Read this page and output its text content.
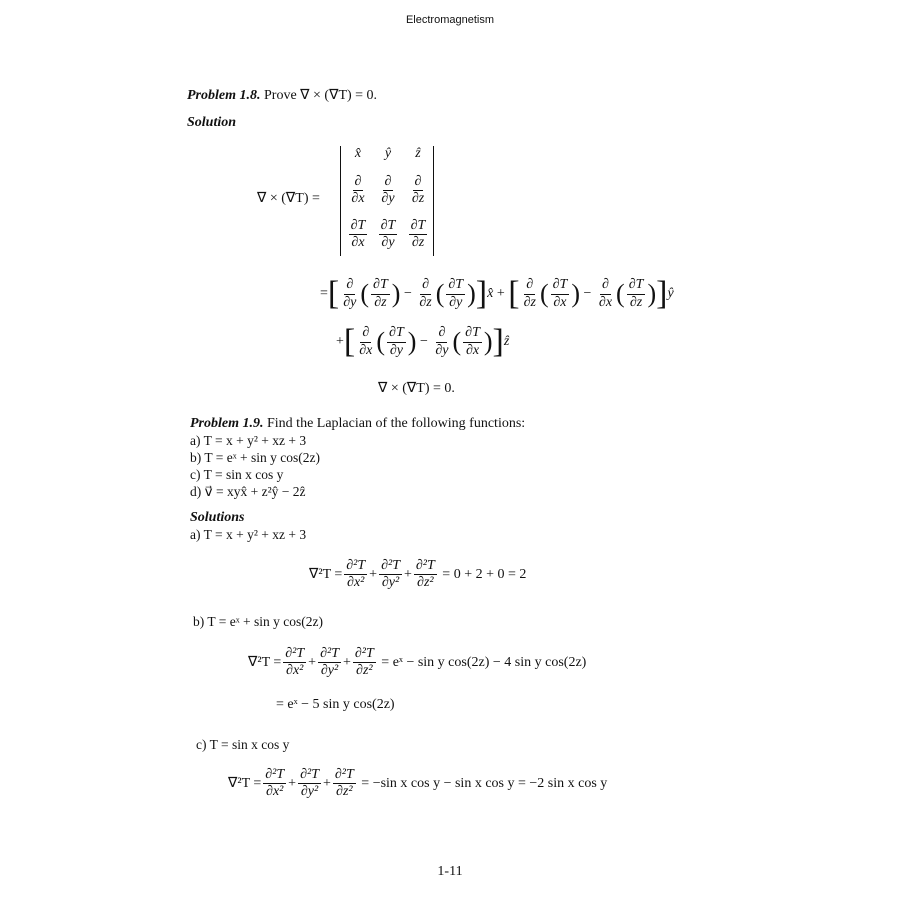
Electromagnetism
Problem 1.8. Prove ∇ × (∇T) = 0.
Solution
∇ × (∇T) =
x̂	ŷ	ẑ
$\frac{\partial}{\partial x} \frac{\partial}{\partial y} \frac{\partial}{\partial z}$
$\frac{\partial T}{\partial x} \frac{\partial T}{\partial y} \frac{\partial T}{\partial z}$
= [ $\frac{\partial}{\partial y}$ ( $\frac{\partial T}{\partial z}$ ) − $\frac{\partial}{\partial z}$ ( $\frac{\partial T}{\partial y}$ ) ] x̂ + [ $\frac{\partial}{\partial z}$ ( $\frac{\partial T}{\partial x}$ ) − $\frac{\partial}{\partial x}$ ( $\frac{\partial T}{\partial z}$ ) ] ŷ
+ [ $\frac{\partial}{\partial x}$ ( $\frac{\partial T}{\partial y}$ ) − $\frac{\partial}{\partial y}$ ( $\frac{\partial T}{\partial x}$ ) ] ẑ
∇ × (∇T) = 0.
Problem 1.9. Find the Laplacian of the following functions:
a) T = x + y² + xz + 3
b) T = eˣ + sin y cos(2z)
c) T = sin x cos y
d) v⃗ = xyx̂ + z²ŷ − 2ẑ
Solutions
a) T = x + y² + xz + 3
$\nabla^2T = \frac{\text{∂²T}}{\text{∂x²}} + \frac{\text{∂²T}}{\text{∂y²}} + \frac{\text{∂²T}}{\text{∂z²}}$
= 0 + 2 + 0 = 2
b) T = eˣ + sin y cos(2z)
$\nabla^2T = \frac{\text{∂²T}}{\text{∂x²}} + \frac{\text{∂²T}}{\text{∂y²}} + \frac{\text{∂²T}}{\text{∂z²}}$
= eˣ − sin y cos(2z) − 4 sin y cos(2z)
= eˣ − 5 sin y cos(2z)
c) T = sin x cos y
$\nabla^2T = \frac{\text{∂²T}}{\text{∂x²}} + \frac{\text{∂²T}}{\text{∂y²}} + \frac{\text{∂²T}}{\text{∂z²}}$
= −sin x cos y − sin x cos y = −2 sin x cos y
1-11
